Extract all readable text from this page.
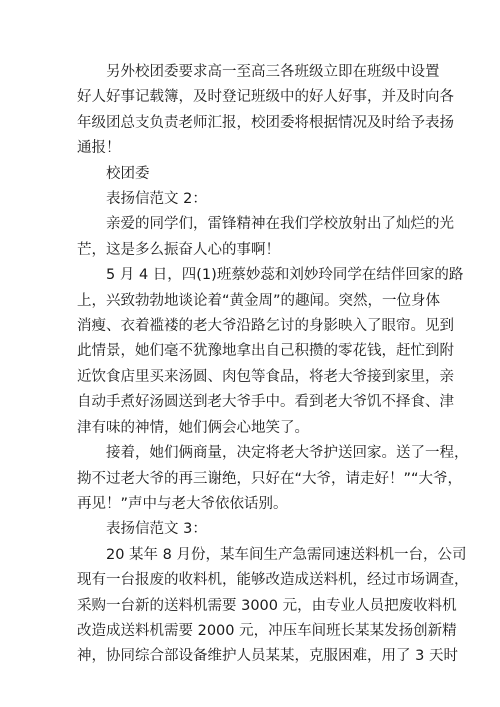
另外校团委要求高一至高三各班级立即在班级中设置
好人好事记载簿，及时登记班级中的好人好事，并及时向各
年级团总支负责老师汇报，校团委将根据情况及时给予表扬
通报！
校团委
表扬信范文 2：
亲爱的同学们，雷锋精神在我们学校放射出了灿烂的光
芒，这是多么振奋人心的事啊！
5 月 4 日，四(1)班蔡妙蕊和刘妙玲同学在结伴回家的路
上，兴致勃勃地谈论着“黄金周”的趣闻。突然，一位身体
消瘦、衣着褴褛的老大爷沿路乞讨的身影映入了眼帘。见到
此情景，她们毫不犹豫地拿出自己积攒的零花钱，赶忙到附
近饮食店里买来汤圆、肉包等食品，将老大爷接到家里，亲
自动手煮好汤圆送到老大爷手中。看到老大爷饥不择食、津
津有味的神情，她们俩会心地笑了。
接着，她们俩商量，决定将老大爷护送回家。送了一程，
拗不过老大爷的再三谢绝，只好在“大爷，请走好！”“大爷，
再见！”声中与老大爷依依话别。
表扬信范文 3：
20 某年 8 月份，某车间生产急需同速送料机一台，公司
现有一台报废的收料机，能够改造成送料机，经过市场调查，
采购一台新的送料机需要 3000 元，由专业人员把废收料机
改造成送料机需要 2000 元，冲压车间班长某某发扬创新精
神，协同综合部设备维护人员某某，克服困难，用了 3 天时
